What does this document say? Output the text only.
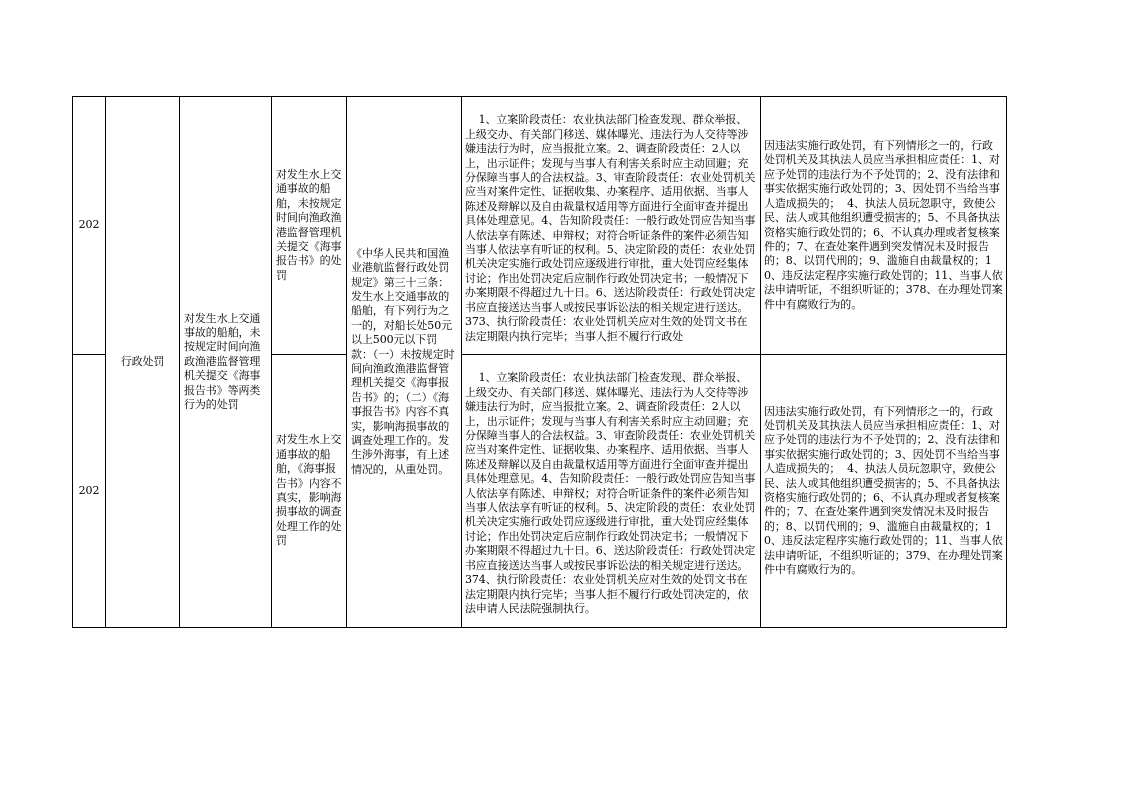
202
202
行政处罚
对发生水上交通事故的船舶，未按规定时间向渔政渔港监督管理机关提交《海事报告书》等两类行为的处罚
对发生水上交通事故的船舶，未按规定时间向渔政渔港监督管理机关提交《海事报告书》的处罚
对发生水上交通事故的船舶，《海事报告书》内容不真实，影响海损事故的调查处理工作的处罚
《中华人民共和国渔业港航监督行政处罚规定》第三十三条：发生水上交通事故的船舶，有下列行为之一的，对船长处50元以上500元以下罚款：（一）未按规定时间向渔政渔港监督管理机关提交《海事报告书》的；（二）《海事报告书》内容不真实，影响海损事故的调查处理工作的。发生涉外海事，有上述情况的，从重处罚。

1、立案阶段责任：农业执法部门检查发现、群众举报、上级交办、有关部门移送、媒体曝光、违法行为人交待等涉嫌违法行为时，应当报批立案。2、调查阶段责任：2人以上，出示证件；发现与当事人有利害关系时应主动回避；充分保障当事人的合法权益。3、审查阶段责任：农业处罚机关应当对案件定性、证据收集、办案程序、适用依据、当事人陈述及辩解以及自由裁量权适用等方面进行全面审查并提出具体处理意见。4、告知阶段责任：一般行政处罚应告知当事人依法享有陈述、申辩权；对符合听证条件的案件必须告知当事人依法享有听证的权利。5、决定阶段的责任：农业处罚机关决定实施行政处罚应逐级进行审批，重大处罚应经集体讨论；作出处罚决定后应制作行政处罚决定书；一般情况下办案期限不得超过九十日。6、送达阶段责任：行政处罚决定书应直接送达当事人或按民事诉讼法的相关规定进行送达。 373、执行阶段责任：农业处罚机关应对生效的处罚文书在法定期限内执行完毕；当事人拒不履行行政处

1、立案阶段责任：农业执法部门检查发现、群众举报、上级交办、有关部门移送、媒体曝光、违法行为人交待等涉嫌违法行为时，应当报批立案。2、调查阶段责任：2人以上，出示证件；发现与当事人有利害关系时应主动回避；充分保障当事人的合法权益。3、审查阶段责任：农业处罚机关应当对案件定性、证据收集、办案程序、适用依据、当事人陈述及辩解以及自由裁量权适用等方面进行全面审查并提出具体处理意见。4、告知阶段责任：一般行政处罚应告知当事人依法享有陈述、申辩权；对符合听证条件的案件必须告知当事人依法享有听证的权利。5、决定阶段的责任：农业处罚机关决定实施行政处罚应逐级进行审批，重大处罚应经集体讨论；作出处罚决定后应制作行政处罚决定书；一般情况下办案期限不得超过九十日。6、送达阶段责任：行政处罚决定书应直接送达当事人或按民事诉讼法的相关规定进行送达。 374、执行阶段责任：农业处罚机关应对生效的处罚文书在法定期限内执行完毕；当事人拒不履行行政处罚决定的，依法申请人民法院强制执行。

因违法实施行政处罚，有下列情形之一的，行政处罚机关及其执法人员应当承担相应责任：1、对应予处罚的违法行为不予处罚的；2、没有法律和事实依据实施行政处罚的；3、因处罚不当给当事人造成损失的；  4、执法人员玩忽职守，致使公民、法人或其他组织遭受损害的；5、不具备执法资格实施行政处罚的；6、不认真办理或者复核案件的；7、在查处案件遇到突发情况未及时报告的；8、以罚代刑的；9、滥施自由裁量权的；10、违反法定程序实施行政处罚的；11、当事人依法申请听证，不组织听证的；378、在办理处罚案件中有腐败行为的。
因违法实施行政处罚，有下列情形之一的，行政处罚机关及其执法人员应当承担相应责任：1、对应予处罚的违法行为不予处罚的；2、没有法律和事实依据实施行政处罚的；3、因处罚不当给当事人造成损失的；  4、执法人员玩忽职守，致使公民、法人或其他组织遭受损害的；5、不具备执法资格实施行政处罚的；6、不认真办理或者复核案件的；7、在查处案件遇到突发情况未及时报告的；8、以罚代刑的；9、滥施自由裁量权的；10、违反法定程序实施行政处罚的；11、当事人依法申请听证，不组织听证的；379、在办理处罚案件中有腐败行为的。
